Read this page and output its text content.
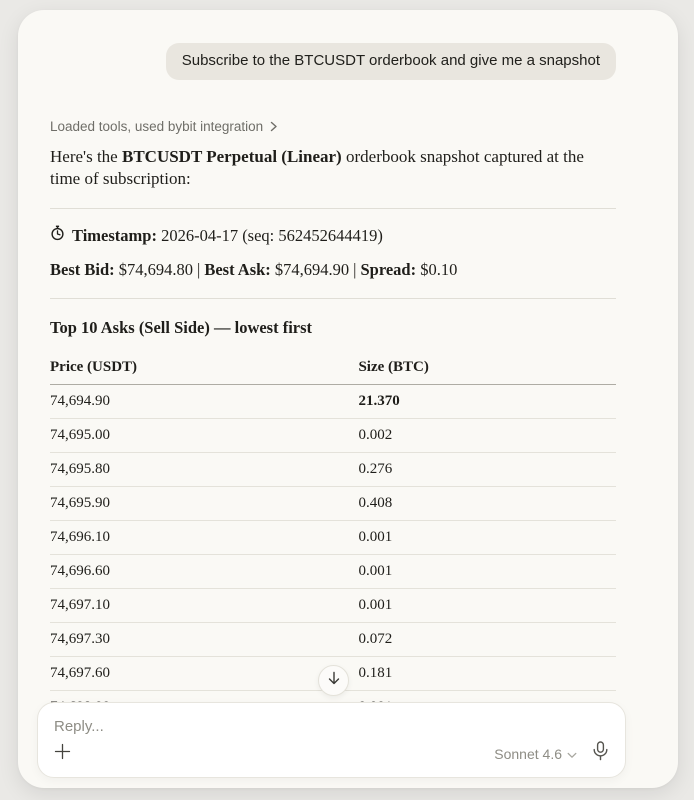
Subscribe to the BTCUSDT orderbook and give me a snapshot
Loaded tools, used bybit integration
Here's the BTCUSDT Perpetual (Linear) orderbook snapshot captured at the time of subscription:
Timestamp: 2026-04-17 (seq: 562452644419)
Best Bid: $74,694.80 | Best Ask: $74,694.90 | Spread: $0.10
Top 10 Asks (Sell Side) — lowest first
Price (USDT)	Size (BTC)
74,694.90	21.370
74,695.00	0.002
74,695.80	0.276
74,695.90	0.408
74,696.10	0.001
74,696.60	0.001
74,697.10	0.001
74,697.30	0.072
74,697.60	0.181
Reply...
Sonnet 4.6
